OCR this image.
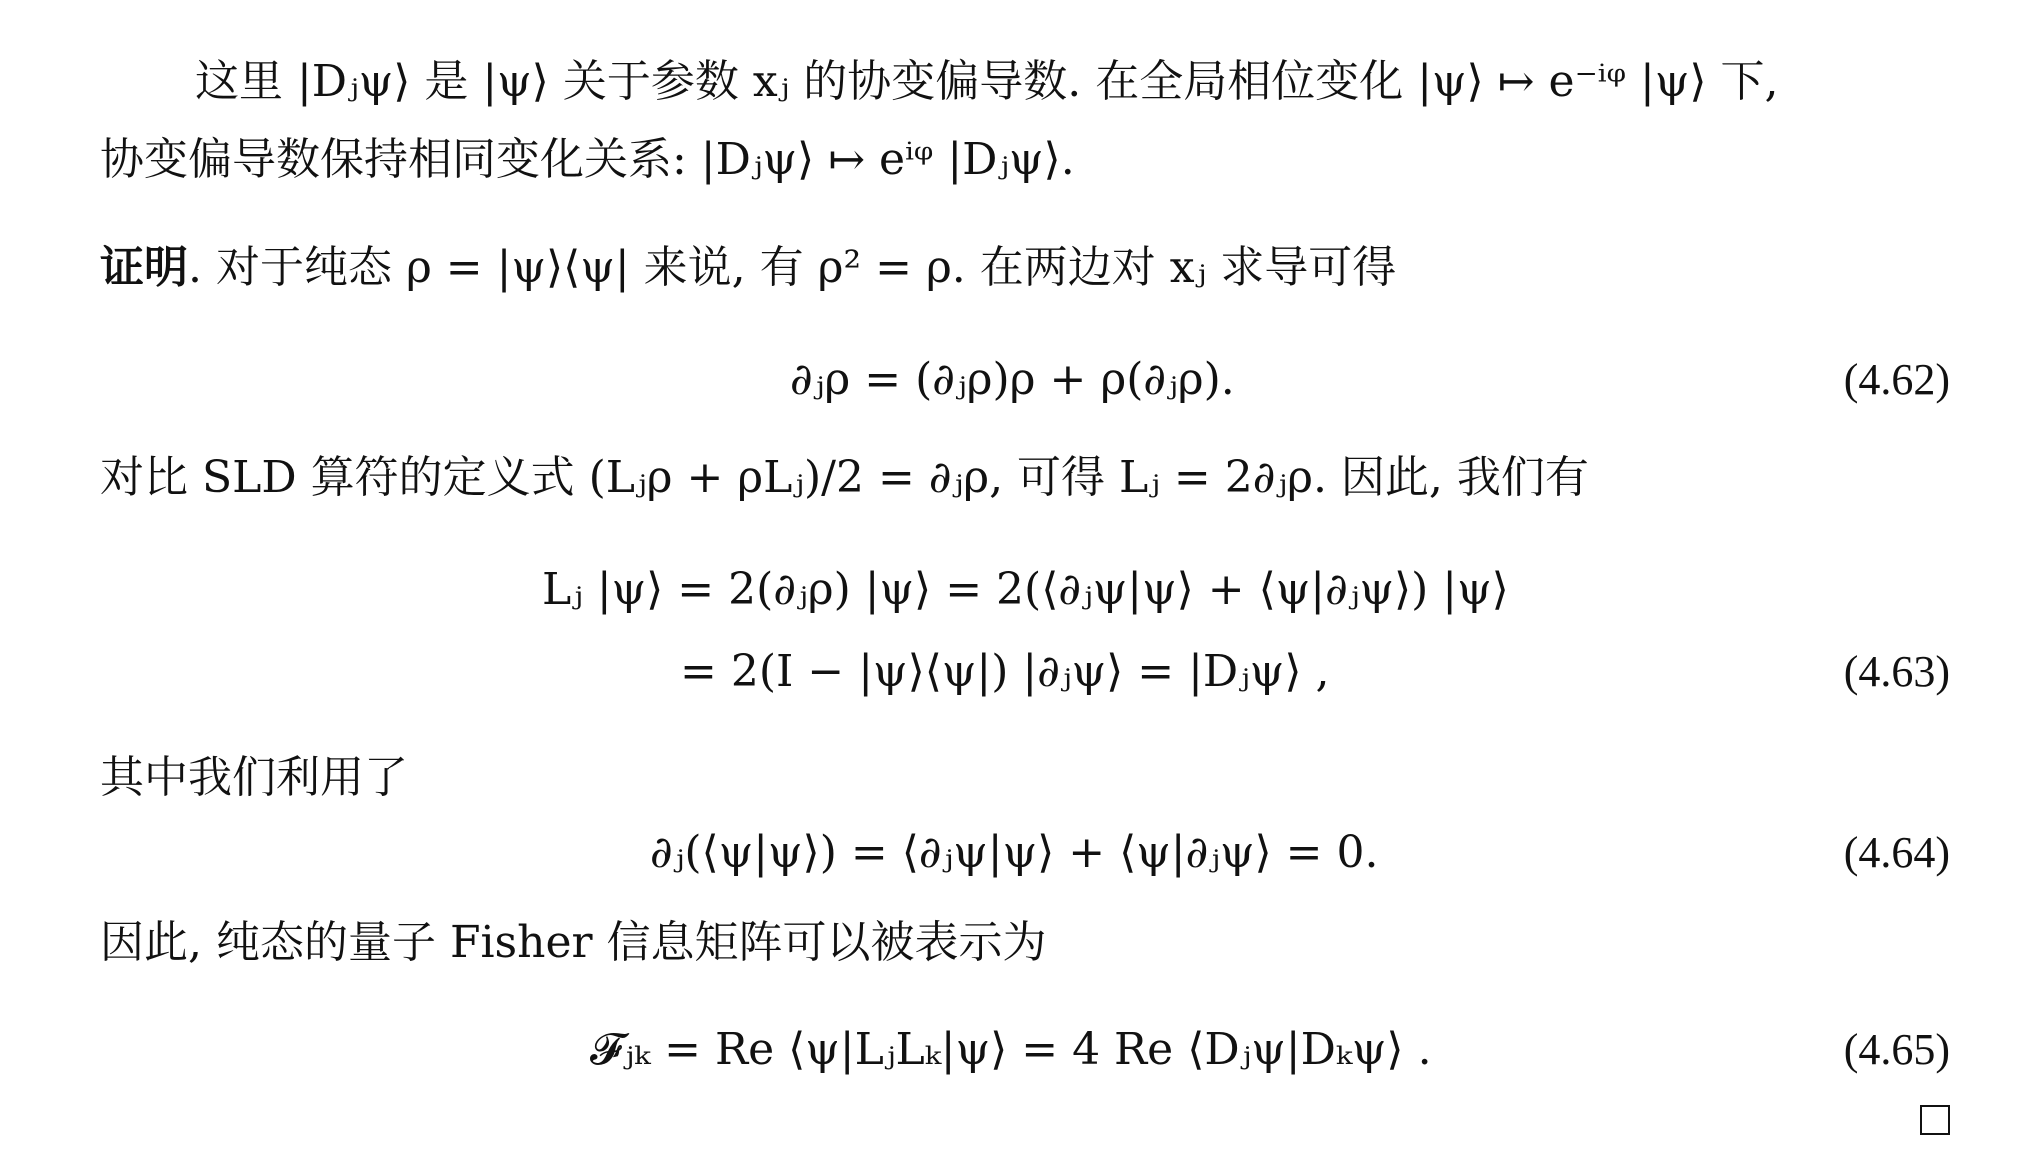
这里 |Dⱼψ⟩ 是 |ψ⟩ 关于参数 xⱼ 的协变偏导数. 在全局相位变化 |ψ⟩ ↦ e⁻ⁱᵠ |ψ⟩ 下,
协变偏导数保持相同变化关系: |Dⱼψ⟩ ↦ eⁱᵠ |Dⱼψ⟩.
证明. 对于纯态 ρ = |ψ⟩⟨ψ| 来说, 有 ρ² = ρ. 在两边对 xⱼ 求导可得
∂ⱼρ = (∂ⱼρ)ρ + ρ(∂ⱼρ).	(4.62)
对比 SLD 算符的定义式 (Lⱼρ + ρLⱼ)/2 = ∂ⱼρ, 可得 Lⱼ = 2∂ⱼρ. 因此, 我们有
Lⱼ |ψ⟩ = 2(∂ⱼρ) |ψ⟩ = 2(⟨∂ⱼψ|ψ⟩ + ⟨ψ|∂ⱼψ⟩) |ψ⟩
= 2(I − |ψ⟩⟨ψ|) |∂ⱼψ⟩ = |Dⱼψ⟩ ,	(4.63)
其中我们利用了
∂ⱼ(⟨ψ|ψ⟩) = ⟨∂ⱼψ|ψ⟩ + ⟨ψ|∂ⱼψ⟩ = 0.	(4.64)
因此, 纯态的量子 Fisher 信息矩阵可以被表示为
𝓕ⱼₖ = Re ⟨ψ|LⱼLₖ|ψ⟩ = 4 Re ⟨Dⱼψ|Dₖψ⟩ .	(4.65)
